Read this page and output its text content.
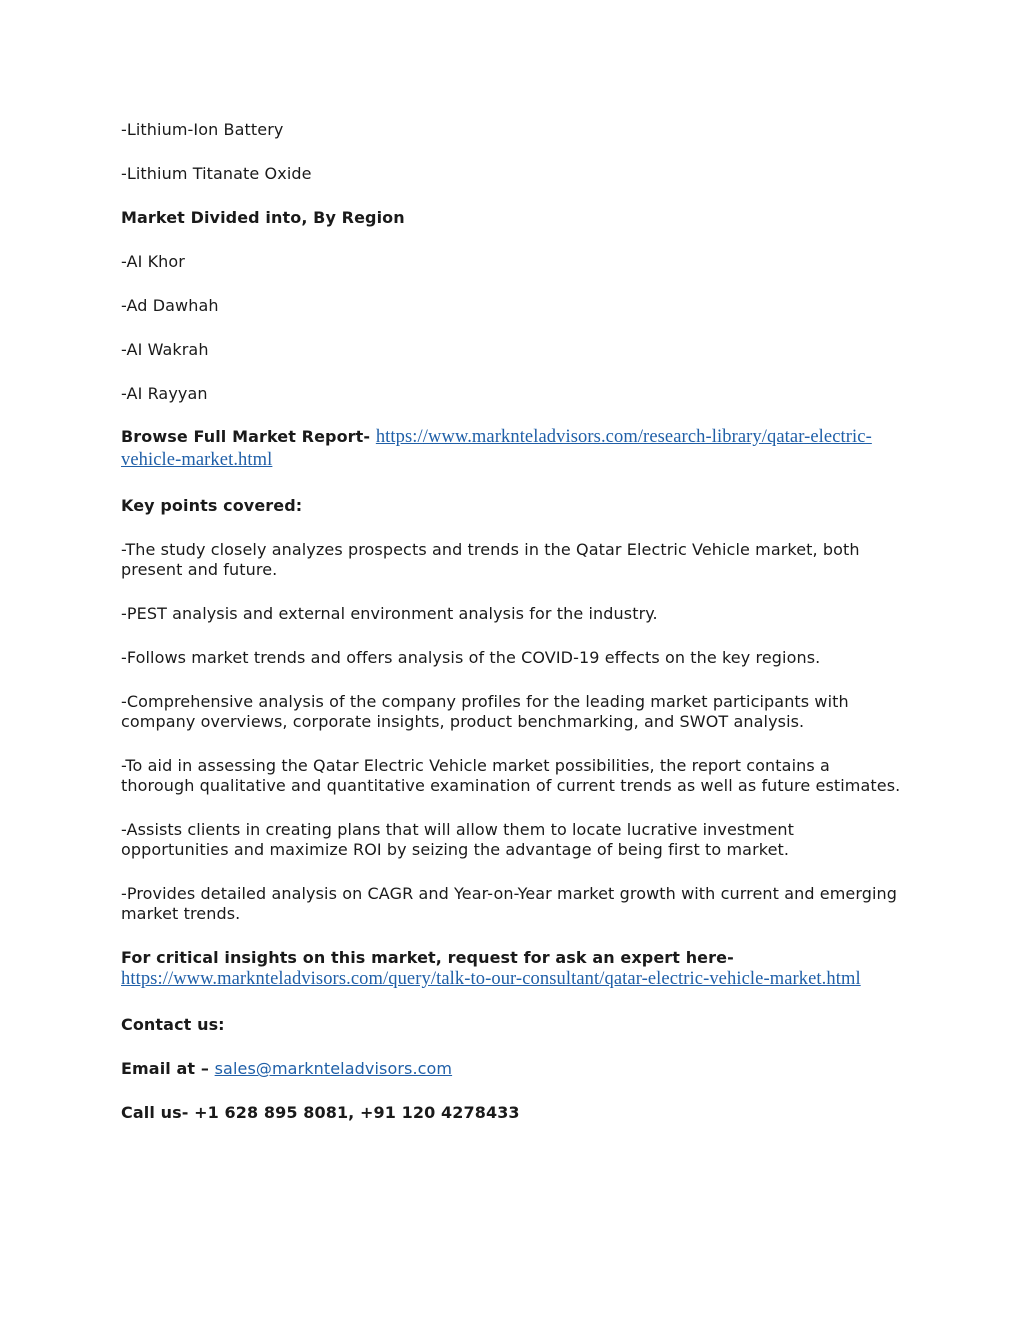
-Lithium-Ion Battery

-Lithium Titanate Oxide

Market Divided into, By Region

-AI Khor

-Ad Dawhah

-AI Wakrah

-AI Rayyan

Browse Full Market Report- https://www.marknteladvisors.com/research-library/qatar-electric-vehicle-market.html

Key points covered:

-The study closely analyzes prospects and trends in the Qatar Electric Vehicle market, both present and future.

-PEST analysis and external environment analysis for the industry.

-Follows market trends and offers analysis of the COVID-19 effects on the key regions.

-Comprehensive analysis of the company profiles for the leading market participants with company overviews, corporate insights, product benchmarking, and SWOT analysis.

-To aid in assessing the Qatar Electric Vehicle market possibilities, the report contains a thorough qualitative and quantitative examination of current trends as well as future estimates.

-Assists clients in creating plans that will allow them to locate lucrative investment opportunities and maximize ROI by seizing the advantage of being first to market.

-Provides detailed analysis on CAGR and Year-on-Year market growth with current and emerging market trends.

For critical insights on this market, request for ask an expert here- https://www.marknteladvisors.com/query/talk-to-our-consultant/qatar-electric-vehicle-market.html

Contact us:

Email at – sales@marknteladvisors.com

Call us- +1 628 895 8081, +91 120 4278433
